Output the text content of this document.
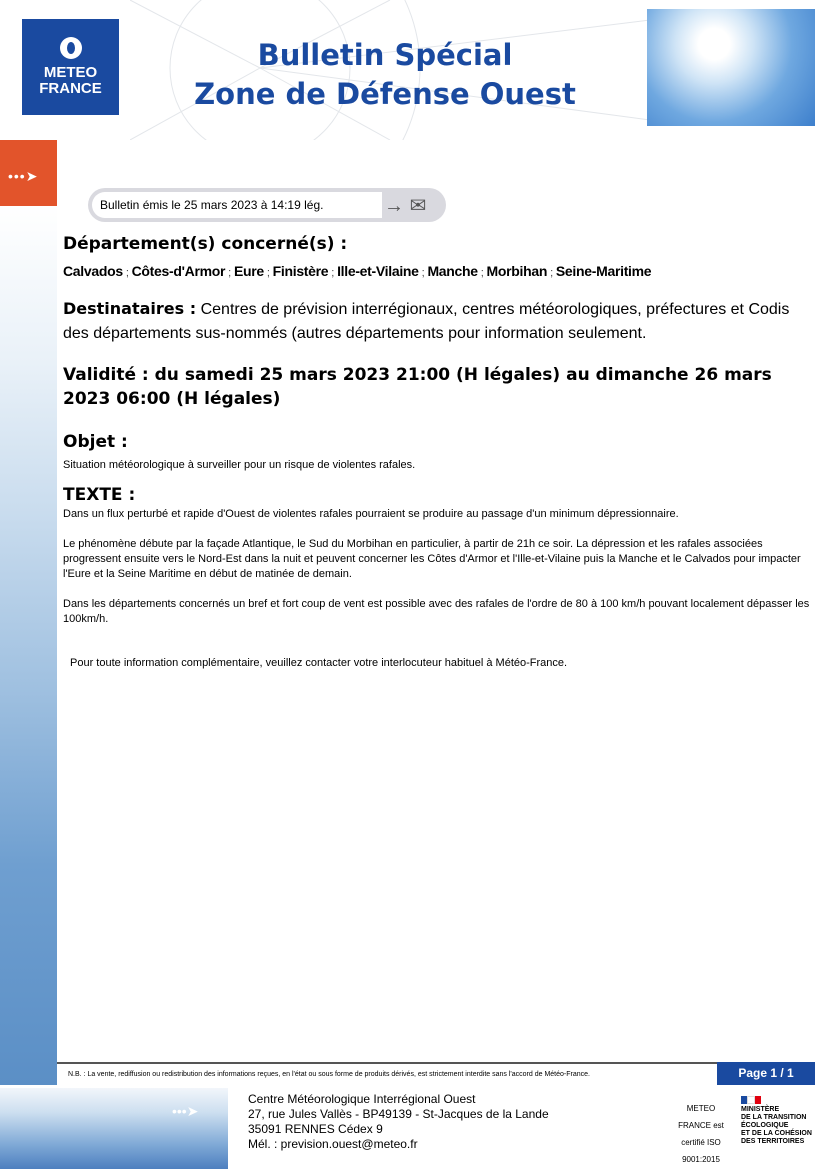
METEO
FRANCE
Bulletin Spécial
Zone de Défense Ouest
•••➤
Bulletin émis le 25 mars 2023 à 14:19 lég.	→ ✉
Département(s) concerné(s) :
Calvados ; Côtes-d'Armor ; Eure ; Finistère ; Ille-et-Vilaine ; Manche ; Morbihan ; Seine-Maritime
Destinataires : Centres de prévision interrégionaux, centres météorologiques, préfectures et Codis des départements sus-nommés (autres départements pour information seulement.
Validité : du samedi 25 mars 2023 21:00 (H légales) au dimanche 26 mars 2023 06:00 (H légales)
Objet :
Situation météorologique à surveiller pour un risque de violentes rafales.
TEXTE :
Dans un flux perturbé et rapide d'Ouest de violentes rafales pourraient se produire au passage d'un minimum dépressionnaire.
Le phénomène débute par la façade Atlantique, le Sud du Morbihan en particulier, à partir de 21h ce soir. La dépression et les rafales associées progressent ensuite vers le Nord-Est dans la nuit et peuvent concerner les Côtes d'Armor et l'Ille-et-Vilaine puis la Manche et le Calvados pour impacter l'Eure et la Seine Maritime en début de matinée de demain.
Dans les départements concernés un bref et fort coup de vent est possible avec des rafales de l'ordre de 80 à 100 km/h pouvant localement dépasser les 100km/h.
Pour toute information complémentaire, veuillez contacter votre interlocuteur habituel à Météo-France.
N.B. : La vente, rediffusion ou redistribution des informations reçues, en l'état ou sous forme de produits dérivés, est strictement interdite sans l'accord de Météo-France.	Page 1 / 1
•••➤
Centre Météorologique Interrégional Ouest
27, rue Jules Vallès - BP49139 - St-Jacques de la Lande
35091 RENNES Cédex 9
Mél. : prevision.ouest@meteo.fr
METEO
FRANCE est
certifié ISO
9001:2015
MINISTÈRE
DE LA TRANSITION
ÉCOLOGIQUE
ET DE LA COHÉSION
DES TERRITOIRES
